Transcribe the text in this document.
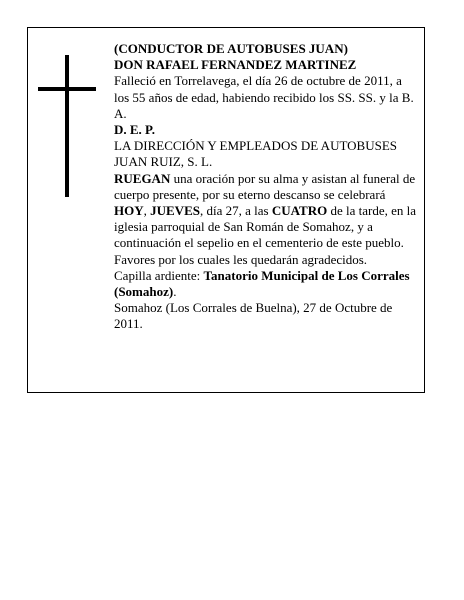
(CONDUCTOR DE AUTOBUSES JUAN)

DON RAFAEL FERNANDEZ MARTINEZ

Falleció en Torrelavega, el día 26 de octubre de 2011, a los 55 años de edad, habiendo recibido los SS. SS. y la B. A.

D. E. P.

LA DIRECCIÓN Y EMPLEADOS DE AUTOBUSES JUAN RUIZ, S. L.

RUEGAN una oración por su alma y asistan al funeral de cuerpo presente, por su eterno descanso se celebrará HOY, JUEVES, día 27, a las CUATRO de la tarde, en la iglesia parroquial de San Román de Somahoz, y a continuación el sepelio en el cementerio de este pueblo.

Favores por los cuales les quedarán agradecidos.

Capilla ardiente: Tanatorio Municipal de Los Corrales (Somahoz).

Somahoz (Los Corrales de Buelna), 27 de Octubre de 2011.
